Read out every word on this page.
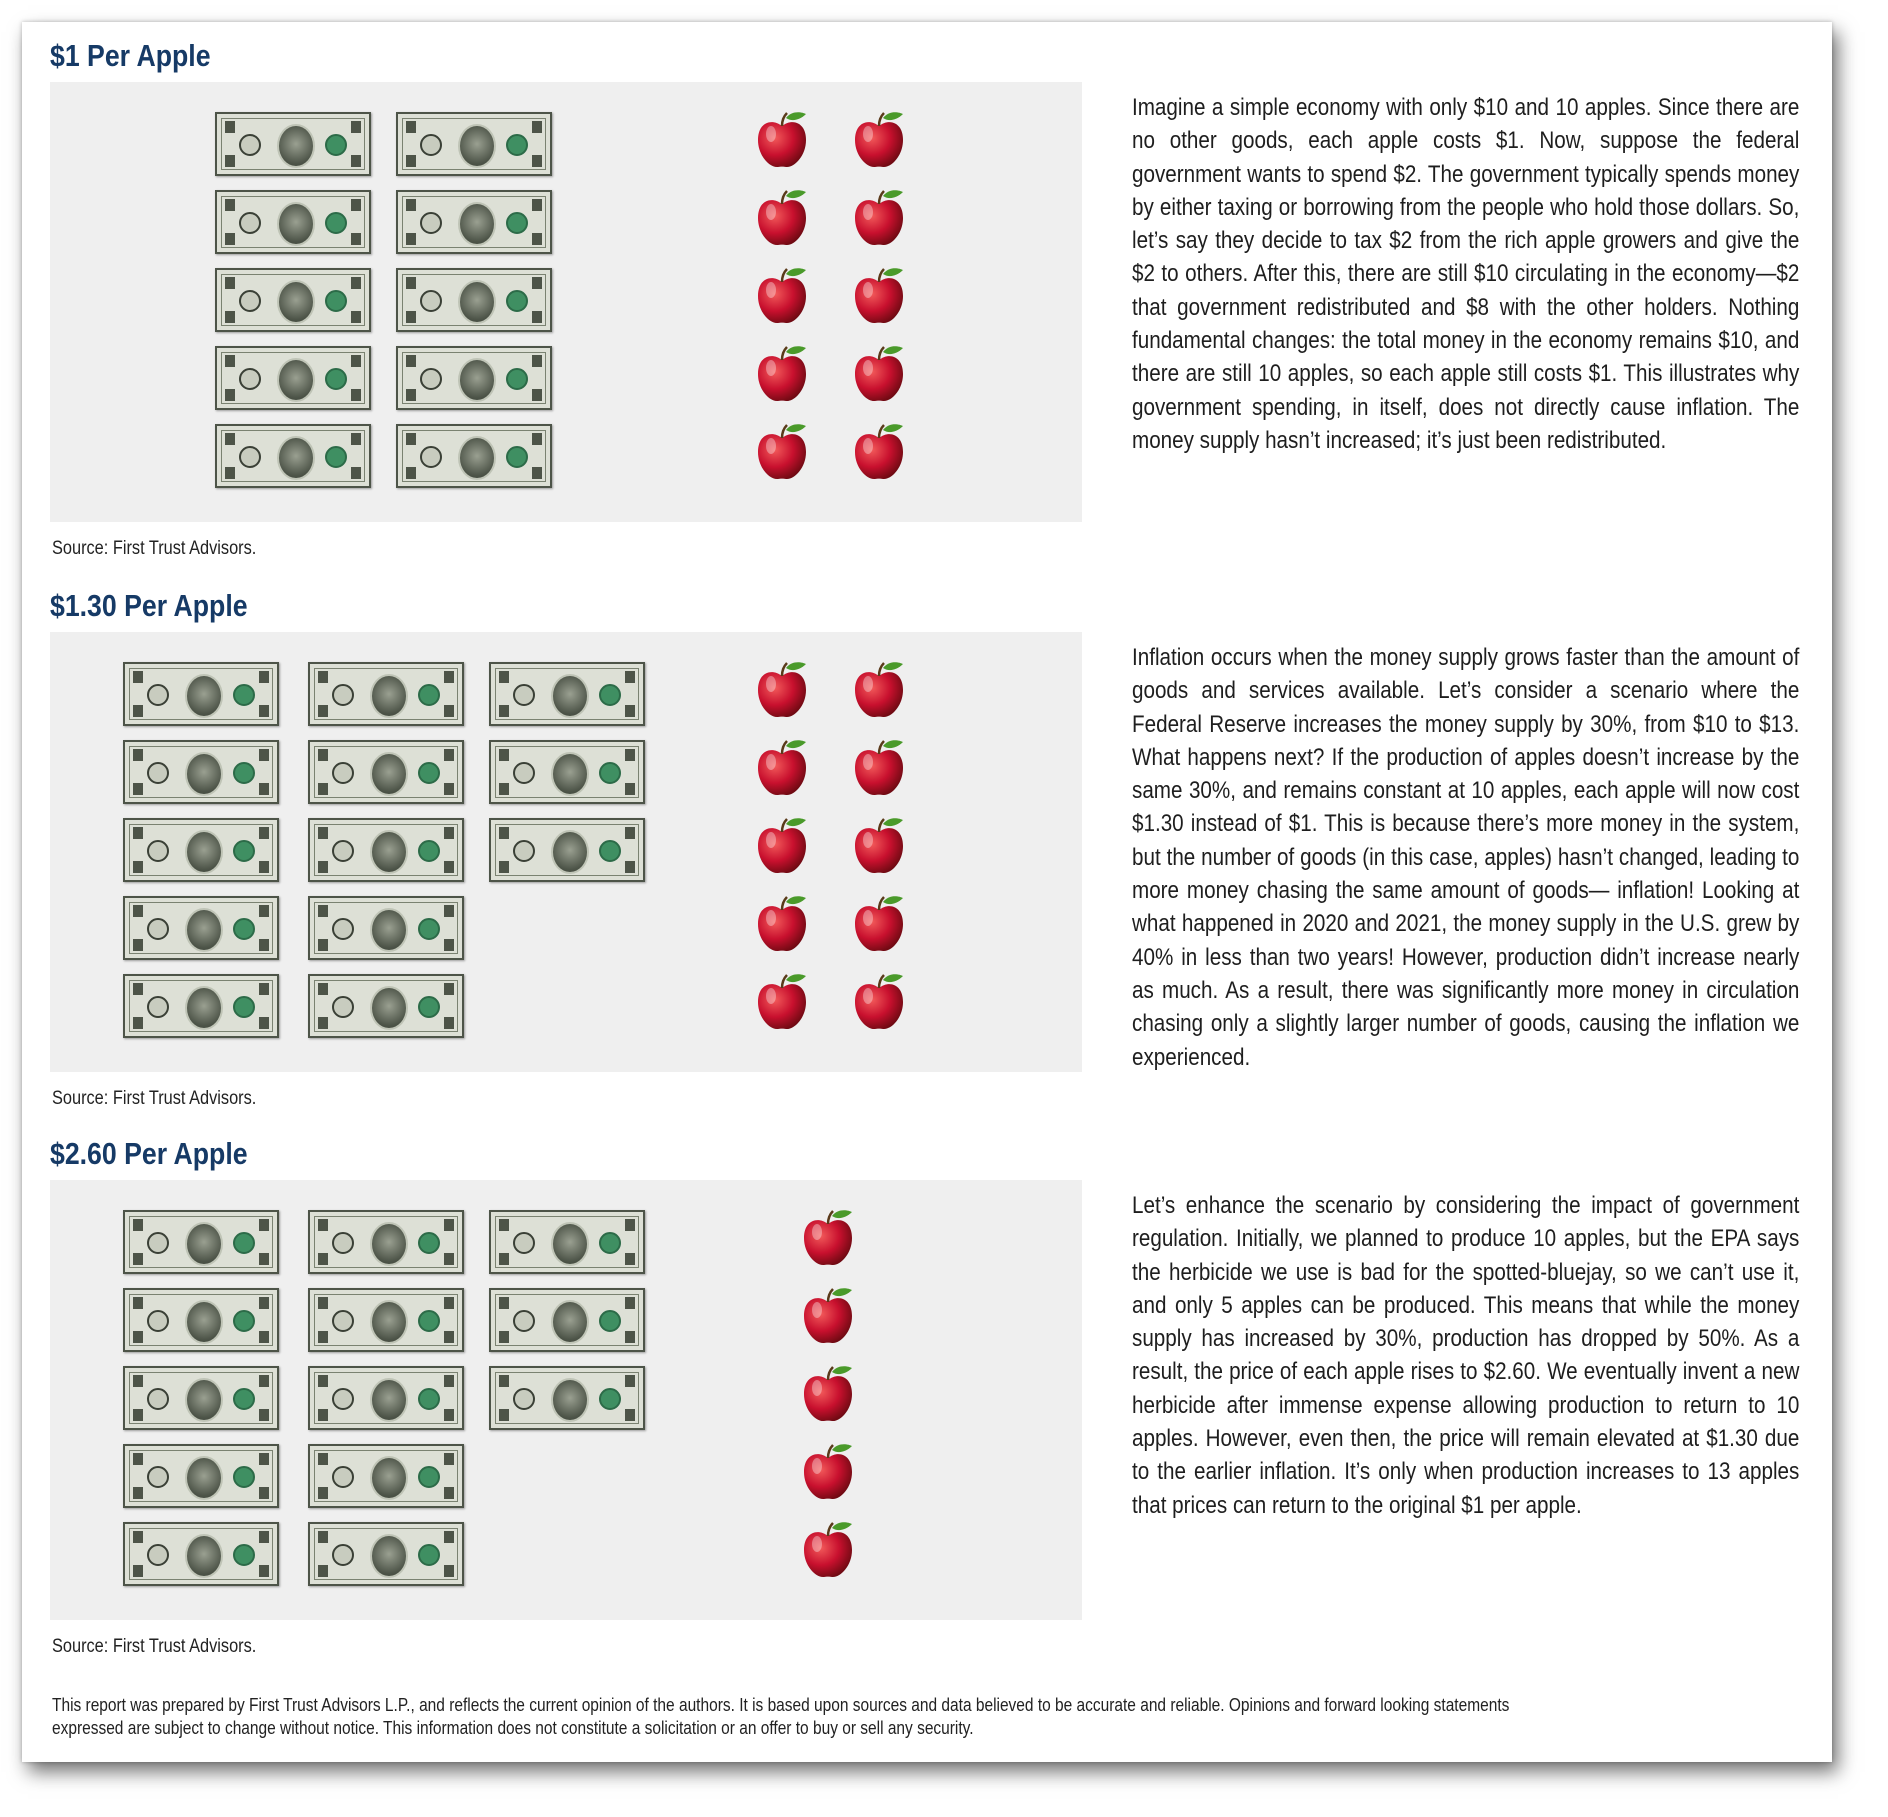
$1 Per Apple
Source: First Trust Advisors.

Imagine a simple economy with only $10 and 10 apples. Since there are no other goods, each apple costs $1. Now, suppose the federal government wants to spend $2. The government typically spends money by either taxing or borrowing from the people who hold those dollars. So, let’s say they decide to tax $2 from the rich apple growers and give the $2 to others. After this, there are still $10 circulating in the economy—$2 that government redistributed and $8 with the other holders. Nothing fundamental changes: the total money in the economy remains $10, and there are still 10 apples, so each apple still costs $1. This illustrates why government spending, in itself, does not directly cause inflation. The money supply hasn’t increased; it’s just been redistributed.

$1.30 Per Apple
Source: First Trust Advisors.

Inflation occurs when the money supply grows faster than the amount of goods and services available. Let’s consider a scenario where the Federal Reserve increases the money supply by 30%, from $10 to $13. What happens next? If the production of apples doesn’t increase by the same 30%, and remains constant at 10 apples, each apple will now cost $1.30 instead of $1. This is because there’s more money in the system, but the number of goods (in this case, apples) hasn’t changed, leading to more money chasing the same amount of goods— inflation! Looking at what happened in 2020 and 2021, the money supply in the U.S. grew by 40% in less than two years! However, production didn’t increase nearly as much. As a result, there was significantly more money in circulation chasing only a slightly larger number of goods, causing the inflation we experienced.

$2.60 Per Apple
Source: First Trust Advisors.

Let’s enhance the scenario by considering the impact of government regulation. Initially, we planned to produce 10 apples, but the EPA says the herbicide we use is bad for the spotted-bluejay, so we can’t use it, and only 5 apples can be produced. This means that while the money supply has increased by 30%, production has dropped by 50%. As a result, the price of each apple rises to $2.60. We eventually invent a new herbicide after immense expense allowing production to return to 10 apples. However, even then, the price will remain elevated at $1.30 due to the earlier inflation. It’s only when production increases to 13 apples that prices can return to the original $1 per apple.

This report was prepared by First Trust Advisors L.P., and reflects the current opinion of the authors. It is based upon sources and data believed to be accurate and reliable. Opinions and forward looking statements expressed are subject to change without notice. This information does not constitute a solicitation or an offer to buy or sell any security.
